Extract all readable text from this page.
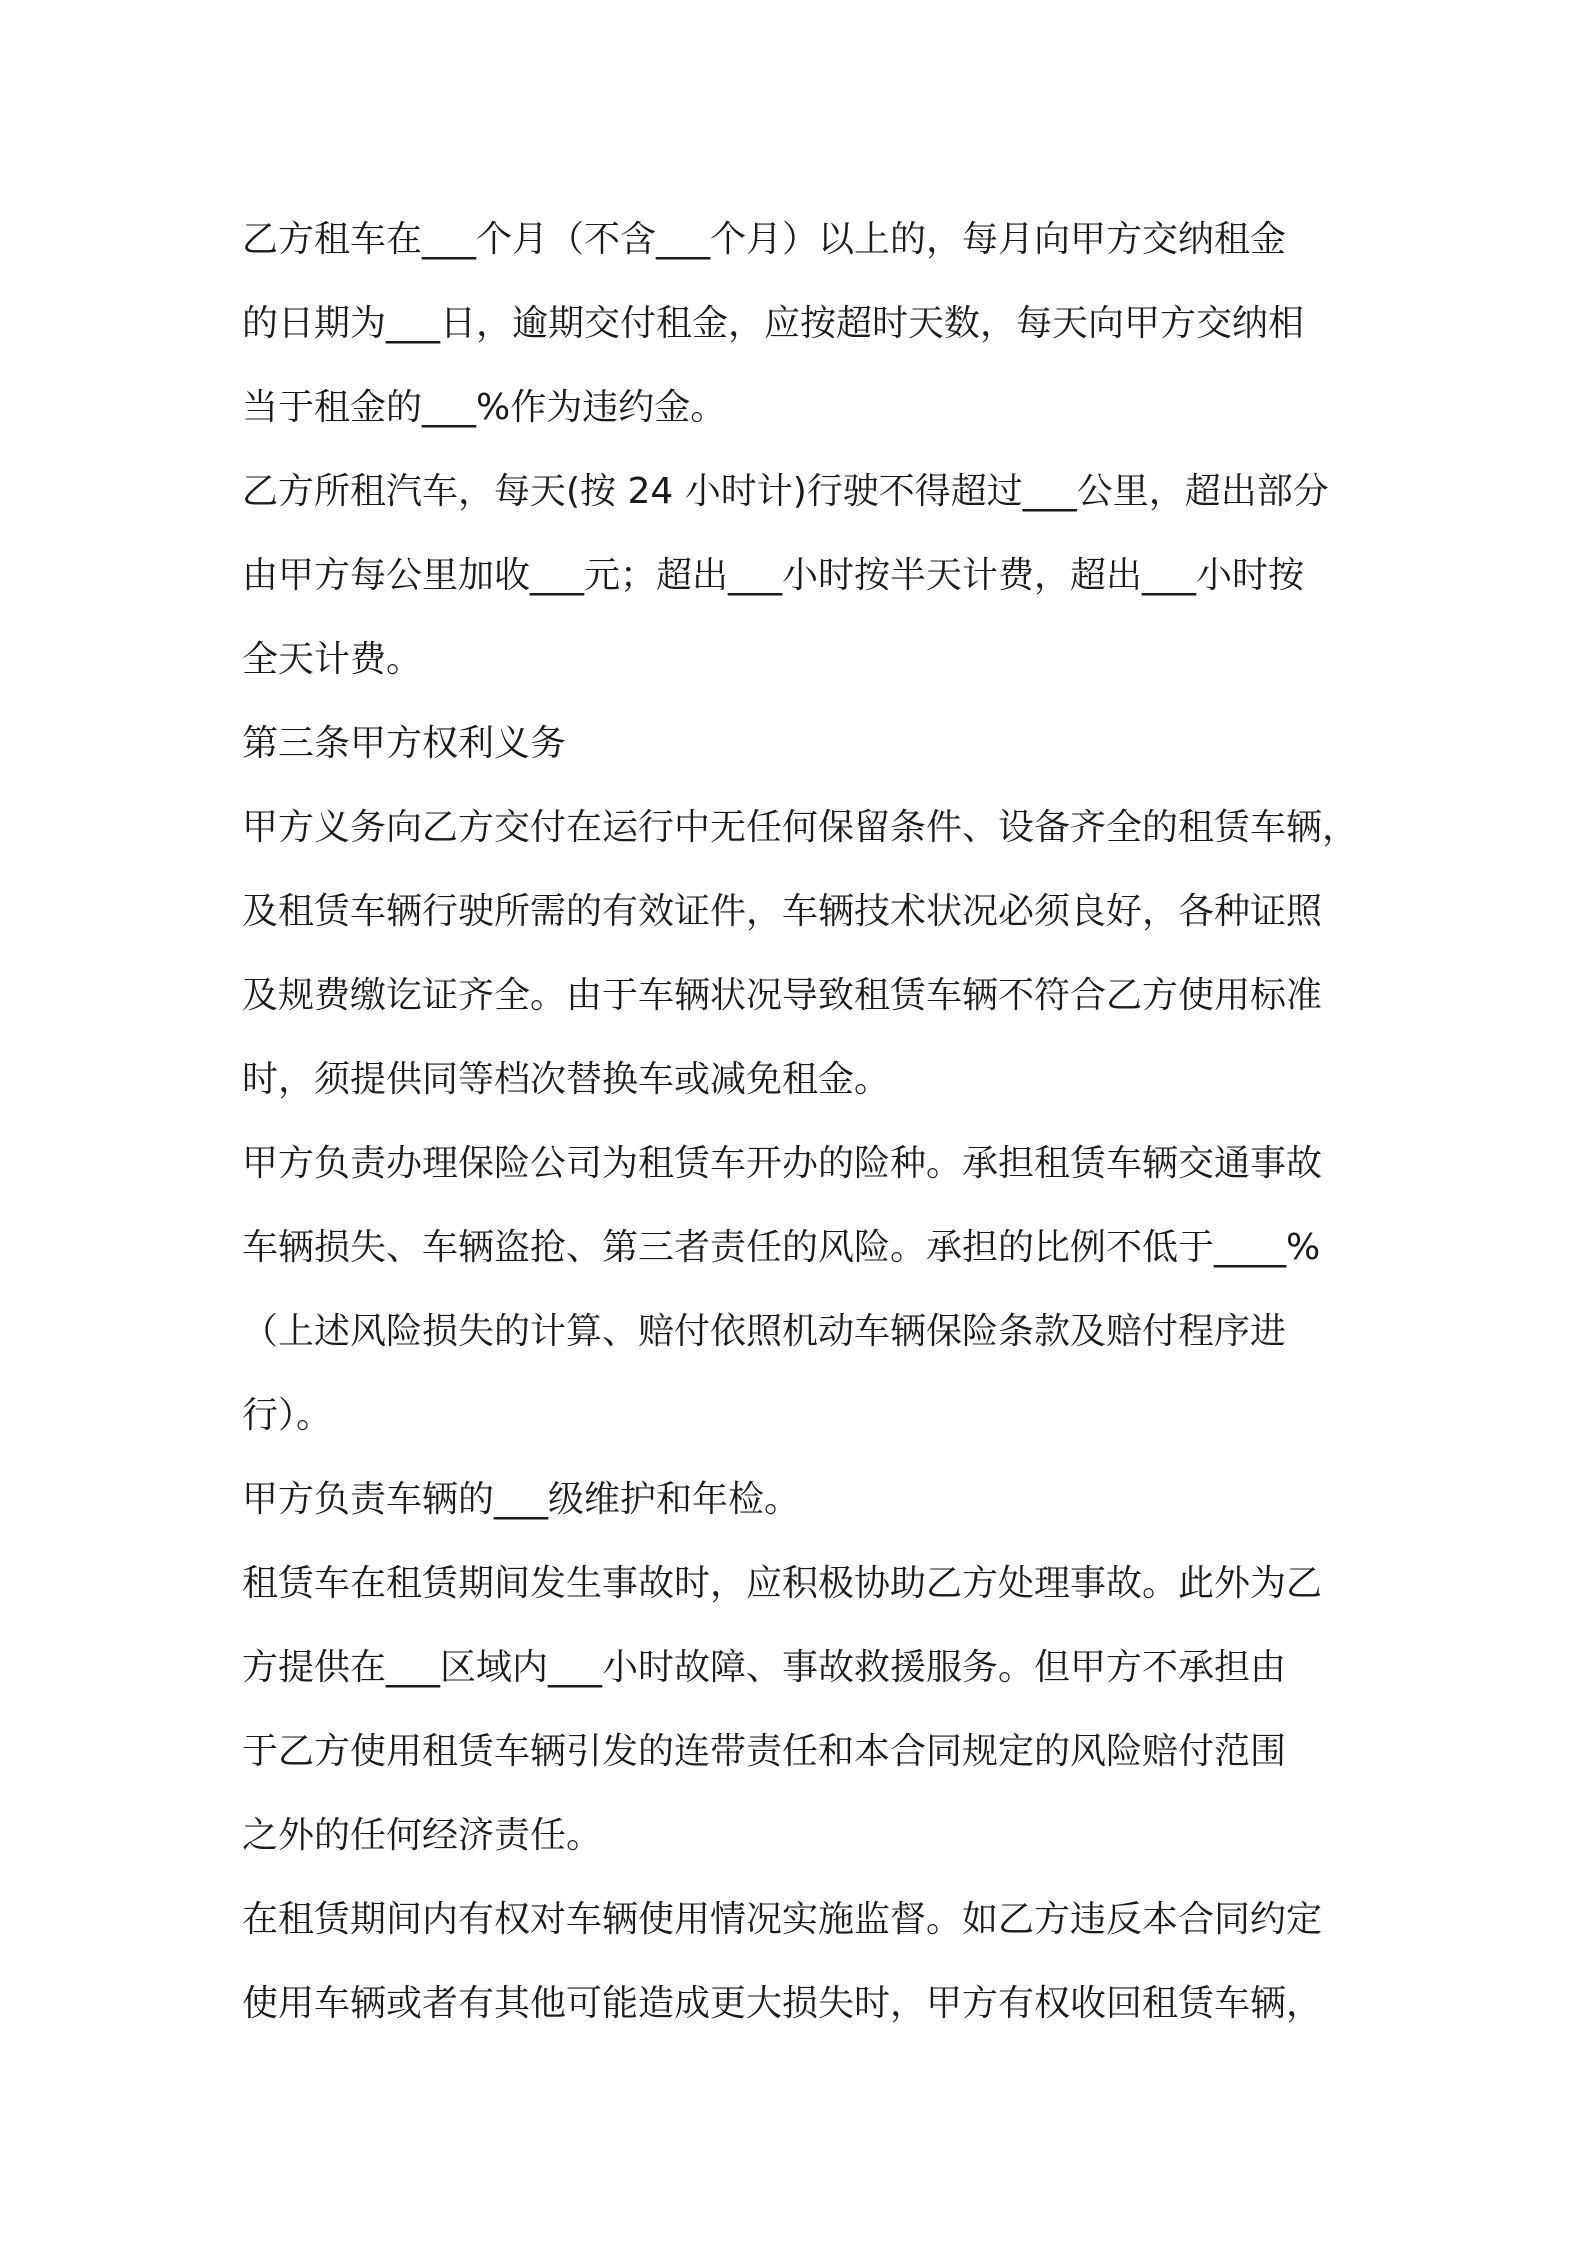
乙方租车在___个月（不含___个月）以上的，每月向甲方交纳租金
的日期为___日，逾期交付租金，应按超时天数，每天向甲方交纳相
当于租金的___%作为违约金。
乙方所租汽车，每天(按 24 小时计)行驶不得超过___公里，超出部分
由甲方每公里加收___元；超出___小时按半天计费，超出___小时按
全天计费。
第三条甲方权利义务
甲方义务向乙方交付在运行中无任何保留条件、设备齐全的租赁车辆，
及租赁车辆行驶所需的有效证件，车辆技术状况必须良好，各种证照
及规费缴讫证齐全。由于车辆状况导致租赁车辆不符合乙方使用标准
时，须提供同等档次替换车或减免租金。
甲方负责办理保险公司为租赁车开办的险种。承担租赁车辆交通事故
车辆损失、车辆盗抢、第三者责任的风险。承担的比例不低于____%
（上述风险损失的计算、赔付依照机动车辆保险条款及赔付程序进
行）。
甲方负责车辆的___级维护和年检。
租赁车在租赁期间发生事故时，应积极协助乙方处理事故。此外为乙
方提供在___区域内___小时故障、事故救援服务。但甲方不承担由
于乙方使用租赁车辆引发的连带责任和本合同规定的风险赔付范围
之外的任何经济责任。
在租赁期间内有权对车辆使用情况实施监督。如乙方违反本合同约定
使用车辆或者有其他可能造成更大损失时，甲方有权收回租赁车辆，
